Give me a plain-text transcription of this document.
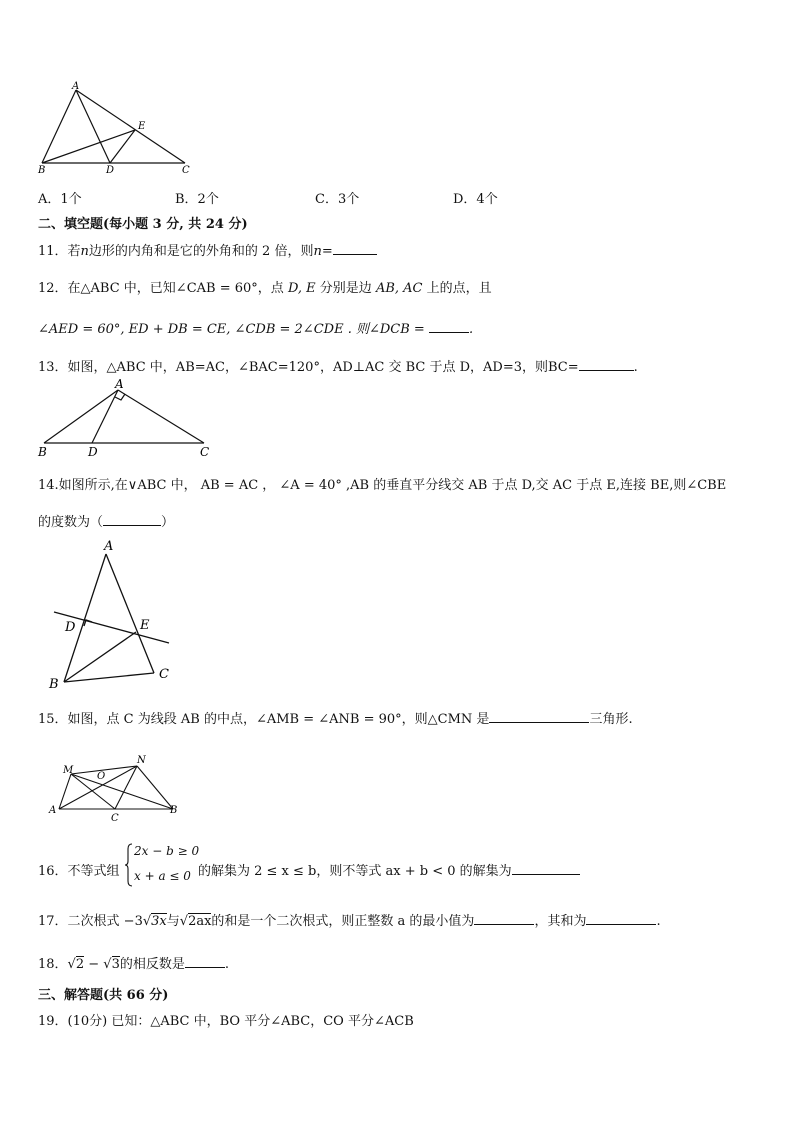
A
E
B	D	C
A．1个	B．2个	C．3个	D．4个
二、填空题(每小题 3 分, 共 24 分)
11．若n边形的内角和是它的外角和的 2 倍，则n=
12．在△ABC 中，已知∠CAB = 60°，点 D, E 分别是边 AB, AC 上的点，且
∠AED = 60°, ED + DB = CE, ∠CDB = 2∠CDE . 则∠DCB =	.
13．如图，△ABC 中，AB=AC，∠BAC=120°，AD⊥AC 交 BC 于点 D，AD=3，则BC=	.
A
B	D	C
14.如图所示,在∨ABC 中， AB = AC ， ∠A = 40° ,AB 的垂直平分线交 AB 于点 D,交 AC 于点 E,连接 BE,则∠CBE
的度数为（	）
A
D	E
B
C
15．如图，点 C 为线段 AB 的中点，∠AMB = ∠ANB = 90°，则△CMN 是	三角形.
M
N
O
A	B
C
16．不等式组
2x − b ≥ 0
x + a ≤ 0 的解集为 2 ≤ x ≤ b，则不等式 ax + b < 0 的解集为
17．二次根式 −3√3x与√2ax的和是一个二次根式，则正整数 a 的最小值为	，其和为	.
18．√2 − √3的相反数是	.
三、解答题(共 66 分)
19．(10分) 已知：△ABC 中，BO 平分∠ABC，CO 平分∠ACB
